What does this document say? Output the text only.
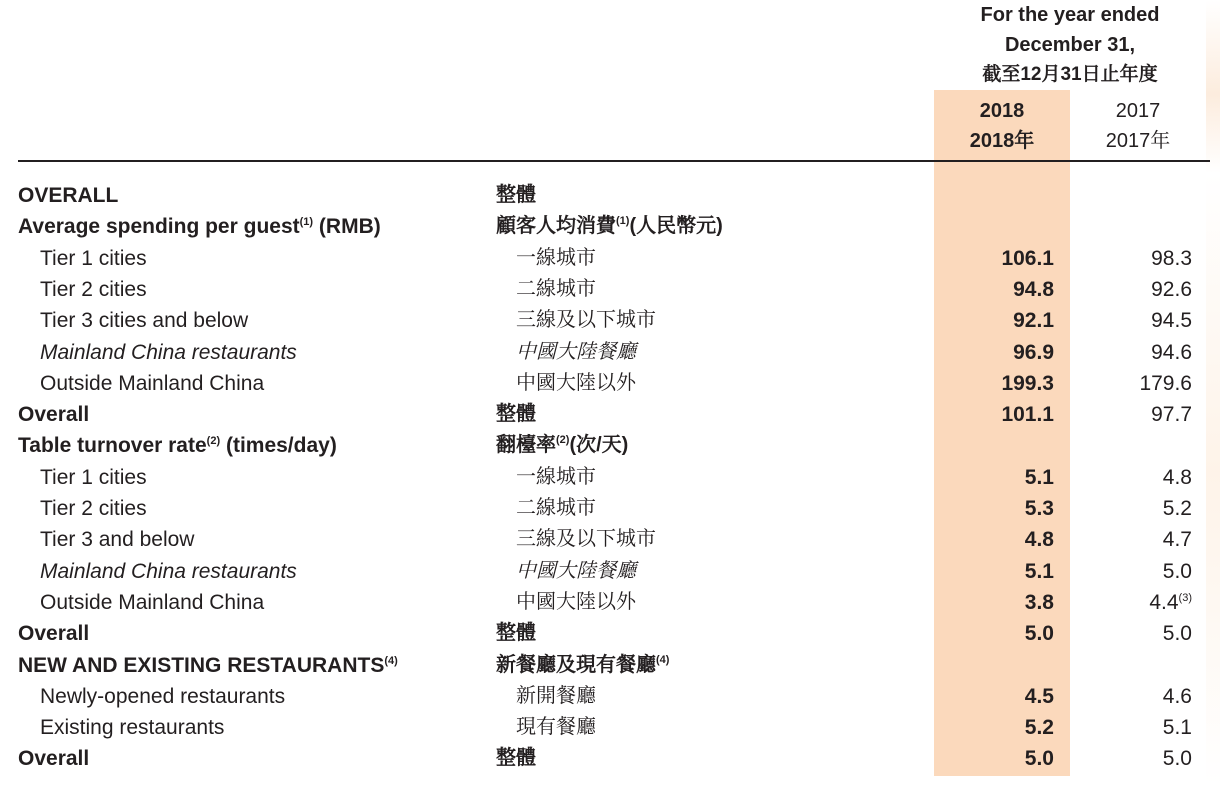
For the year ended
December 31,
截至12月31日止年度
2018
2018年
2017
2017年
OVERALL	整體
Average spending per guest$^{(1)}$ (RMB)	顧客人均消費$^{(1)}$(人民幣元)
Tier 1 cities	一線城市	106.1	98.3
Tier 2 cities	二線城市	94.8	92.6
Tier 3 cities and below	三線及以下城市	92.1	94.5
Mainland China restaurants	中國大陸餐廳	96.9	94.6
Outside Mainland China	中國大陸以外	199.3	179.6
Overall	整體	101.1	97.7
Table turnover rate$^{(2)}$ (times/day)	翻檯率$^{(2)}$(次/天)
Tier 1 cities	一線城市	5.1	4.8
Tier 2 cities	二線城市	5.3	5.2
Tier 3 and below	三線及以下城市	4.8	4.7
Mainland China restaurants	中國大陸餐廳	5.1	5.0
Outside Mainland China	中國大陸以外	3.8	4.4$^{(3)}$
Overall	整體	5.0	5.0
NEW AND EXISTING RESTAURANTS$^{(4)}$	新餐廳及現有餐廳$^{(4)}$
Newly-opened restaurants	新開餐廳	4.5	4.6
Existing restaurants	現有餐廳	5.2	5.1
Overall	整體	5.0	5.0
